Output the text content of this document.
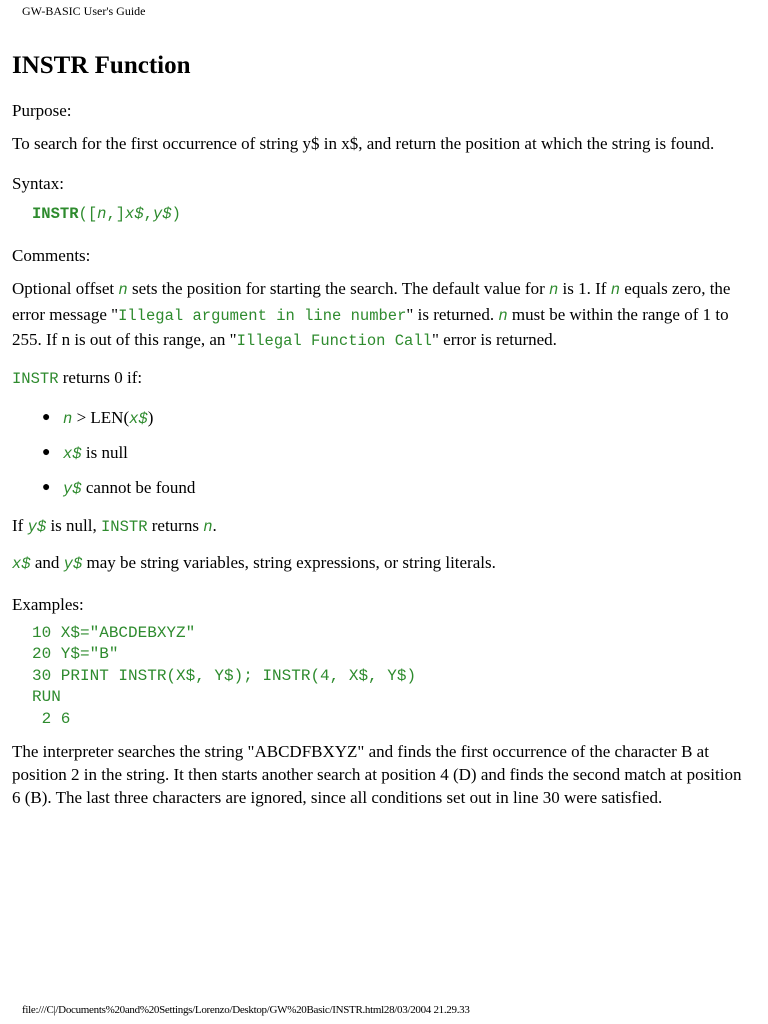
GW-BASIC User's Guide
INSTR Function
Purpose:

To search for the first occurrence of string y$ in x$, and return the position at which the string is found.

Syntax:
INSTR([n,]x$,y$)
Comments:

Optional offset n sets the position for starting the search. The default value for n is 1. If n equals zero, the error message "Illegal argument in line number" is returned. n must be within the range of 1 to 255. If n is out of this range, an "Illegal Function Call" error is returned.

INSTR returns 0 if:

● n > LEN(x$)
● x$ is null
● y$ cannot be found

If y$ is null, INSTR returns n.

x$ and y$ may be string variables, string expressions, or string literals.

Examples:
10 X$="ABCDEBXYZ"
20 Y$="B"
30 PRINT INSTR(X$, Y$); INSTR(4, X$, Y$)
RUN
2 6

The interpreter searches the string "ABCDFBXYZ" and finds the first occurrence of the character B at position 2 in the string. It then starts another search at position 4 (D) and finds the second match at position 6 (B). The last three characters are ignored, since all conditions set out in line 30 were satisfied.

file:///C|/Documents%20and%20Settings/Lorenzo/Desktop/GW%20Basic/INSTR.html28/03/2004 21.29.33
